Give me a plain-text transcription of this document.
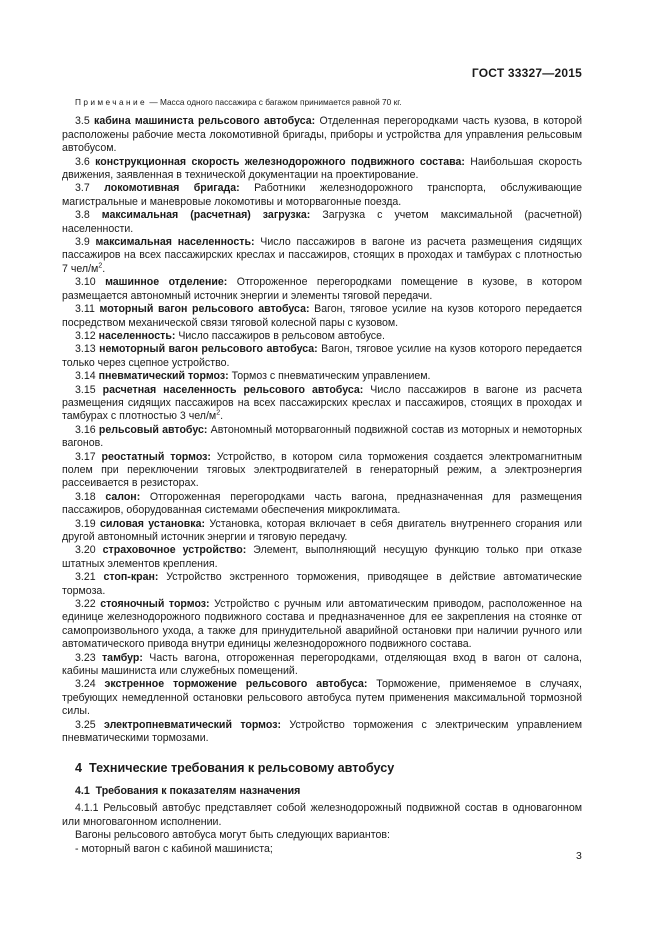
ГОСТ 33327—2015
Примечание — Масса одного пассажира с багажом принимается равной 70 кг.
3.5 кабина машиниста рельсового автобуса: Отделенная перегородками часть кузова, в которой расположены рабочие места локомотивной бригады, приборы и устройства для управления рельсовым автобусом.
3.6 конструкционная скорость железнодорожного подвижного состава: Наибольшая скорость движения, заявленная в технической документации на проектирование.
3.7 локомотивная бригада: Работники железнодорожного транспорта, обслуживающие магистральные и маневровые локомотивы и моторвагонные поезда.
3.8 максимальная (расчетная) загрузка: Загрузка с учетом максимальной (расчетной) населенности.
3.9 максимальная населенность: Число пассажиров в вагоне из расчета размещения сидящих пассажиров на всех пассажирских креслах и пассажиров, стоящих в проходах и тамбурах с плотностью 7 чел/$м^2$.
3.10 машинное отделение: Отгороженное перегородками помещение в кузове, в котором размещается автономный источник энергии и элементы тяговой передачи.
3.11 моторный вагон рельсового автобуса: Вагон, тяговое усилие на кузов которого передается посредством механической связи тяговой колесной пары с кузовом.
3.12 населенность: Число пассажиров в рельсовом автобусе.
3.13 немоторный вагон рельсового автобуса: Вагон, тяговое усилие на кузов которого передается только через сцепное устройство.
3.14 пневматический тормоз: Тормоз с пневматическим управлением.
3.15 расчетная населенность рельсового автобуса: Число пассажиров в вагоне из расчета размещения сидящих пассажиров на всех пассажирских креслах и пассажиров, стоящих в проходах и тамбурах с плотностью 3 чел/$м^2$.
3.16 рельсовый автобус: Автономный моторвагонный подвижной состав из моторных и немоторных вагонов.
3.17 реостатный тормоз: Устройство, в котором сила торможения создается электромагнитным полем при переключении тяговых электродвигателей в генераторный режим, а электроэнергия рассеивается в резисторах.
3.18 салон: Отгороженная перегородками часть вагона, предназначенная для размещения пассажиров, оборудованная системами обеспечения микроклимата.
3.19 силовая установка: Установка, которая включает в себя двигатель внутреннего сгорания или другой автономный источник энергии и тяговую передачу.
3.20 страховочное устройство: Элемент, выполняющий несущую функцию только при отказе штатных элементов крепления.
3.21 стоп-кран: Устройство экстренного торможения, приводящее в действие автоматические тормоза.
3.22 стояночный тормоз: Устройство с ручным или автоматическим приводом, расположенное на единице железнодорожного подвижного состава и предназначенное для ее закрепления на стоянке от самопроизвольного ухода, а также для принудительной аварийной остановки при наличии ручного или автоматического привода внутри единицы железнодорожного подвижного состава.
3.23 тамбур: Часть вагона, отгороженная перегородками, отделяющая вход в вагон от салона, кабины машиниста или служебных помещений.
3.24 экстренное торможение рельсового автобуса: Торможение, применяемое в случаях, требующих немедленной остановки рельсового автобуса путем применения максимальной тормозной силы.
3.25 электропневматический тормоз: Устройство торможения с электрическим управлением пневматическими тормозами.
4 Технические требования к рельсовому автобусу
4.1 Требования к показателям назначения
4.1.1 Рельсовый автобус представляет собой железнодорожный подвижной состав в одновагонном или многовагонном исполнении.
Вагоны рельсового автобуса могут быть следующих вариантов:
- моторный вагон с кабиной машиниста;
3
